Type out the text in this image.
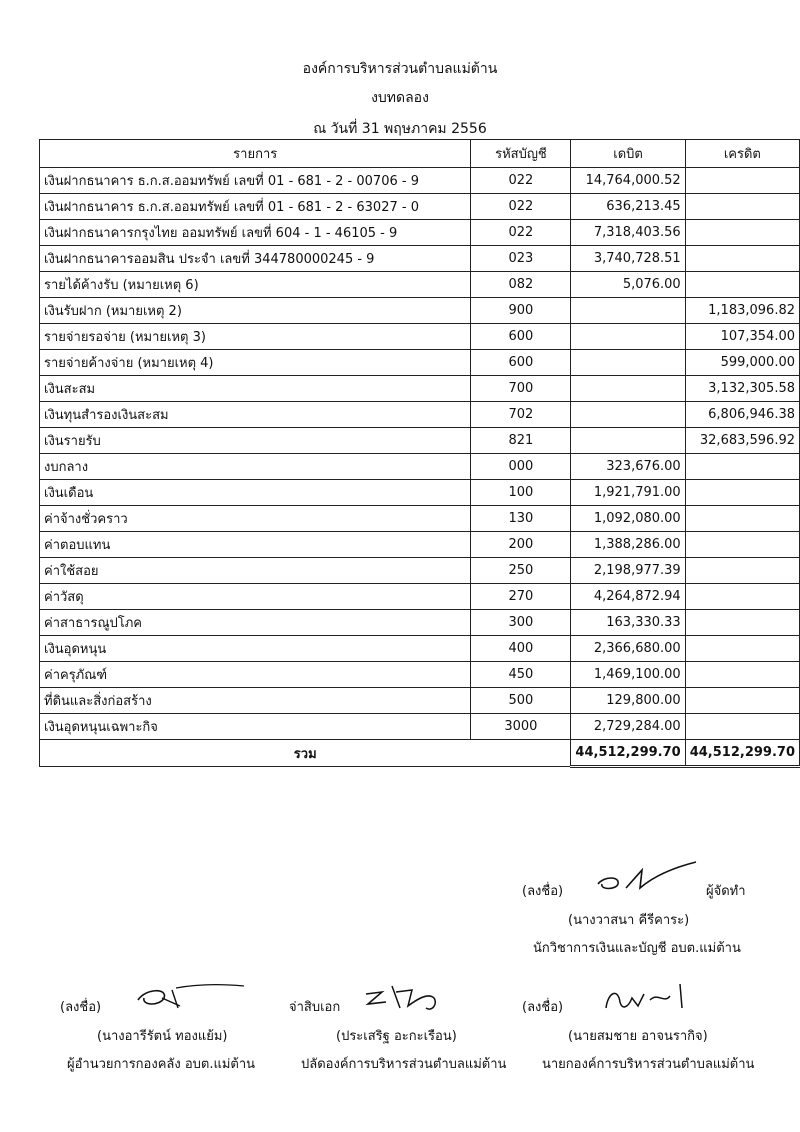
องค์การบริหารส่วนตำบลแม่ต้าน
งบทดลอง
ณ วันที่ 31 พฤษภาคม 2556
รายการ	รหัสบัญชี	เดบิต	เครดิต
เงินฝากธนาคาร ธ.ก.ส.ออมทรัพย์ เลขที่ 01 - 681 - 2 - 00706 - 9	022	14,764,000.52	
เงินฝากธนาคาร ธ.ก.ส.ออมทรัพย์ เลขที่ 01 - 681 - 2 - 63027 - 0	022	636,213.45	
เงินฝากธนาคารกรุงไทย ออมทรัพย์ เลขที่ 604 - 1 - 46105 - 9	022	7,318,403.56	
เงินฝากธนาคารออมสิน ประจำ เลขที่ 344780000245 - 9	023	3,740,728.51	
รายได้ค้างรับ (หมายเหตุ 6)	082	5,076.00	
เงินรับฝาก (หมายเหตุ 2)	900		1,183,096.82
รายจ่ายรอจ่าย (หมายเหตุ 3)	600		107,354.00
รายจ่ายค้างจ่าย (หมายเหตุ 4)	600		599,000.00
เงินสะสม	700		3,132,305.58
เงินทุนสำรองเงินสะสม	702		6,806,946.38
เงินรายรับ	821		32,683,596.92
งบกลาง	000	323,676.00	
เงินเดือน	100	1,921,791.00	
ค่าจ้างชั่วคราว	130	1,092,080.00	
ค่าตอบแทน	200	1,388,286.00	
ค่าใช้สอย	250	2,198,977.39	
ค่าวัสดุ	270	4,264,872.94	
ค่าสาธารณูปโภค	300	163,330.33	
เงินอุดหนุน	400	2,366,680.00	
ค่าครุภัณฑ์	450	1,469,100.00	
ที่ดินและสิ่งก่อสร้าง	500	129,800.00	
เงินอุดหนุนเฉพาะกิจ	3000	2,729,284.00	
รวม		44,512,299.70	44,512,299.70
(ลงชื่อ)	ผู้จัดทำ
(นางวาสนา คีรีคาระ)
นักวิชาการเงินและบัญชี อบต.แม่ต้าน
(ลงชื่อ)
(นางอารีรัตน์ ทองแย้ม)
ผู้อำนวยการกองคลัง อบต.แม่ต้าน
จ่าสิบเอก
(ประเสริฐ อะกะเรือน)
ปลัดองค์การบริหารส่วนตำบลแม่ต้าน
(ลงชื่อ)
(นายสมชาย อาจนรากิจ)
นายกองค์การบริหารส่วนตำบลแม่ต้าน
